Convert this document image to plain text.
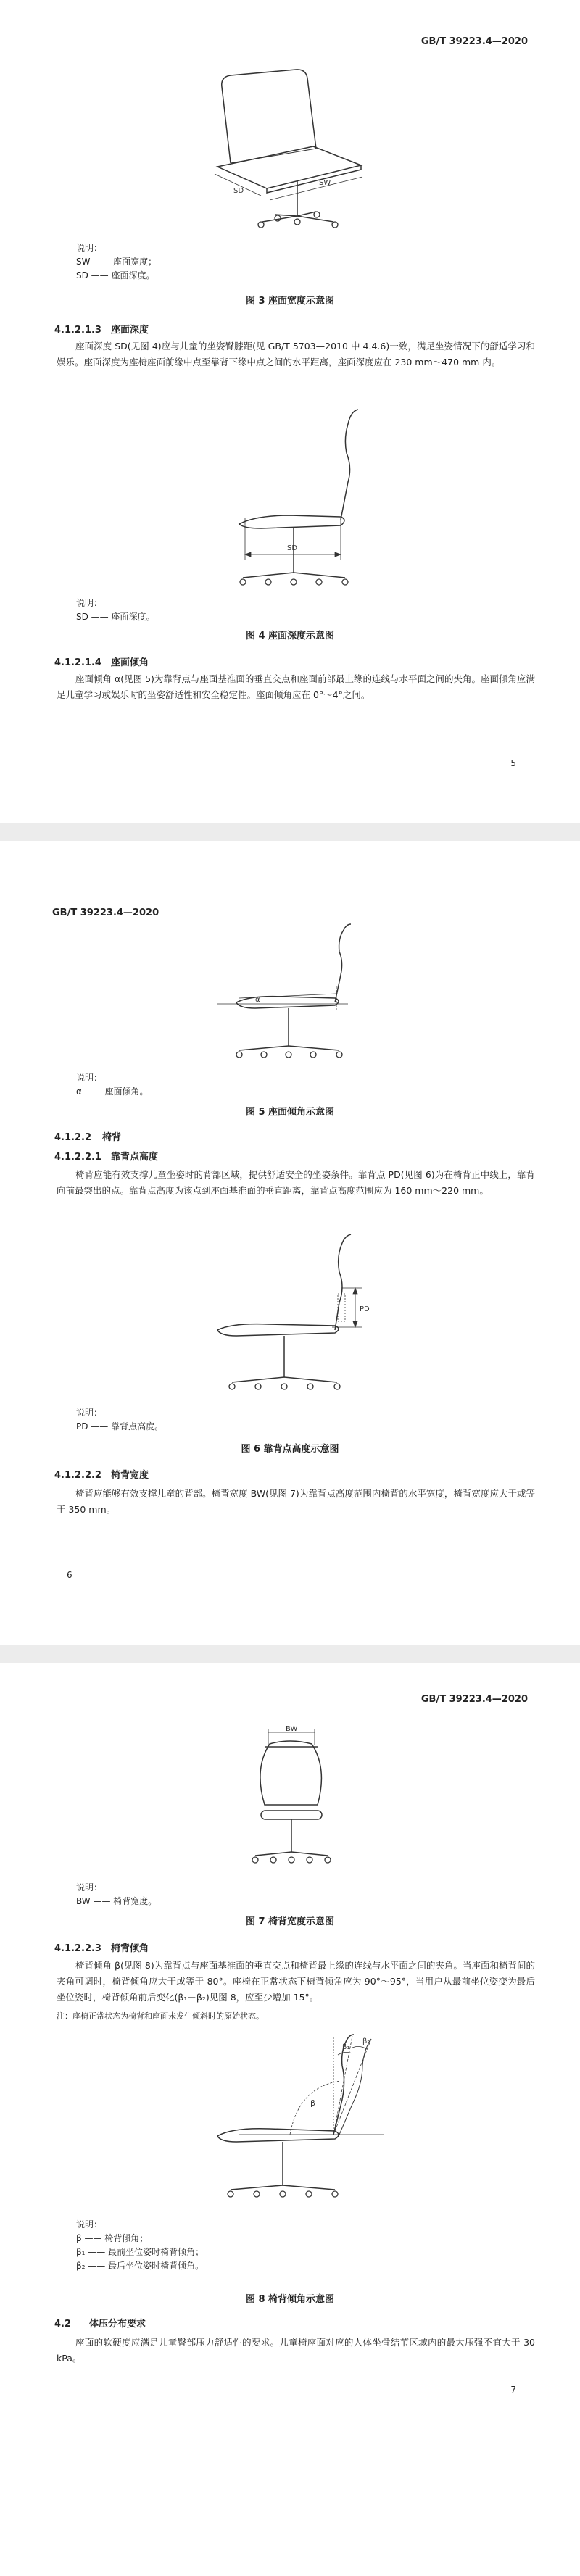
GB/T 39223.4—2020
SD
SW
说明：
SW —— 座面宽度；
SD —— 座面深度。
图 3 座面宽度示意图
4.1.2.1.3 座面深度
座面深度 SD(见图 4)应与儿童的坐姿臀膝距(见 GB/T 5703—2010 中 4.4.6)一致，满足坐姿情况下的舒适学习和娱乐。座面深度为座椅座面前缘中点至靠背下缘中点之间的水平距离，座面深度应在 230 mm～470 mm 内。
SD
说明：
SD —— 座面深度。
图 4 座面深度示意图
4.1.2.1.4 座面倾角
座面倾角 α(见图 5)为靠背点与座面基准面的垂直交点和座面前部最上缘的连线与水平面之间的夹角。座面倾角应满足儿童学习或娱乐时的坐姿舒适性和安全稳定性。座面倾角应在 0°～4°之间。
5
GB/T 39223.4—2020
α
说明：
α —— 座面倾角。
图 5 座面倾角示意图
4.1.2.2 椅背
4.1.2.2.1 靠背点高度
椅背应能有效支撑儿童坐姿时的背部区域，提供舒适安全的坐姿条件。靠背点 PD(见图 6)为在椅背正中线上，靠背向前最突出的点。靠背点高度为该点到座面基准面的垂直距离，靠背点高度范围应为 160 mm～220 mm。
PD
说明：
PD —— 靠背点高度。
图 6 靠背点高度示意图
4.1.2.2.2 椅背宽度
椅背应能够有效支撑儿童的背部。椅背宽度 BW(见图 7)为靠背点高度范围内椅背的水平宽度，椅背宽度应大于或等于 350 mm。
6
GB/T 39223.4—2020
BW
说明：
BW —— 椅背宽度。
图 7 椅背宽度示意图
4.1.2.2.3 椅背倾角
椅背倾角 β(见图 8)为靠背点与座面基准面的垂直交点和椅背最上缘的连线与水平面之间的夹角。当座面和椅背间的夹角可调时，椅背倾角应大于或等于 80°。座椅在正常状态下椅背倾角应为 90°～95°，当用户从最前坐位姿变为最后坐位姿时，椅背倾角前后变化(β₁－β₂)见图 8，应至少增加 15°。
注：座椅正常状态为椅背和座面未发生倾斜时的原始状态。
β
β₁
β₂
说明：
β —— 椅背倾角；
β₁ —— 最前坐位姿时椅背倾角；
β₂ —— 最后坐位姿时椅背倾角。
图 8 椅背倾角示意图
4.2 体压分布要求
座面的软硬度应满足儿童臀部压力舒适性的要求。儿童椅座面对应的人体坐骨结节区域内的最大压强不宜大于 30 kPa。
7
